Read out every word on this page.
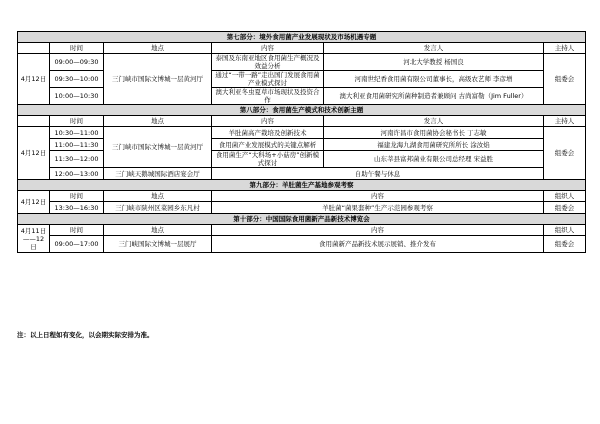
第七部分：境外食用菌产业发展现状及市场机遇专题					
	时间	地点	内容	发言人	主持人
4月12日	09:00—09:30	三门峡市国际文博城一层黄河厅	泰国及东南亚地区食用菌生产概况及效益分析	河北大学教授 杨国良	组委会
	09:30—10:00		通过“一带一路”走出国门发展食用菌产业模式探讨	河南世纪香食用菌有限公司董事长，高级农艺师 李彦增	
	10:00—10:30		澳大利亚冬虫夏草市场现状及投资合作	澳大利亚食用菌研究所菌种制造者兼顾问 古尚富勒（Jim Fuller）	
第八部分：食用菌生产模式和技术创新主题					
	时间	地点	内容	发言人	主持人
4月12日	10:30—11:00	三门峡市国际文博城一层黄河厅	羊肚菌高产栽培及创新技术	河南许昌市食用菌协会秘书长 丁志敏	组委会
	11:00—11:30		食用菌产业发展模式的关键点解析	福建龙海九湖食用菌研究所所长 涂汝焰	
	11:30—12:00		食用菌生产“大科场+小菇房”创新模式探讨	山东莘县富邦菌业有限公司总经理 宋益胜	
	12:00—13:00	三门峡天鹅城国际酒店宴会厅	自助午餐与休息		
第九部分：羊肚菌生产基地参观考察					
4月12日	时间	地点	内容		组织人
	13:30—16:30	三门峡市陕州区菜园乡东凡村	羊肚菌“菌果套种”生产示范园参观考察		组委会
第十部分：中国国际食用菌新产品新技术博览会					
4月11日——12日	时间	地点	内容		组织人
	09:00—17:00	三门峡国际文博城一层展厅	食用菌新产品新技术展示展销、推介发布		组委会
注：以上日程如有变化，以会期实际安排为准。
